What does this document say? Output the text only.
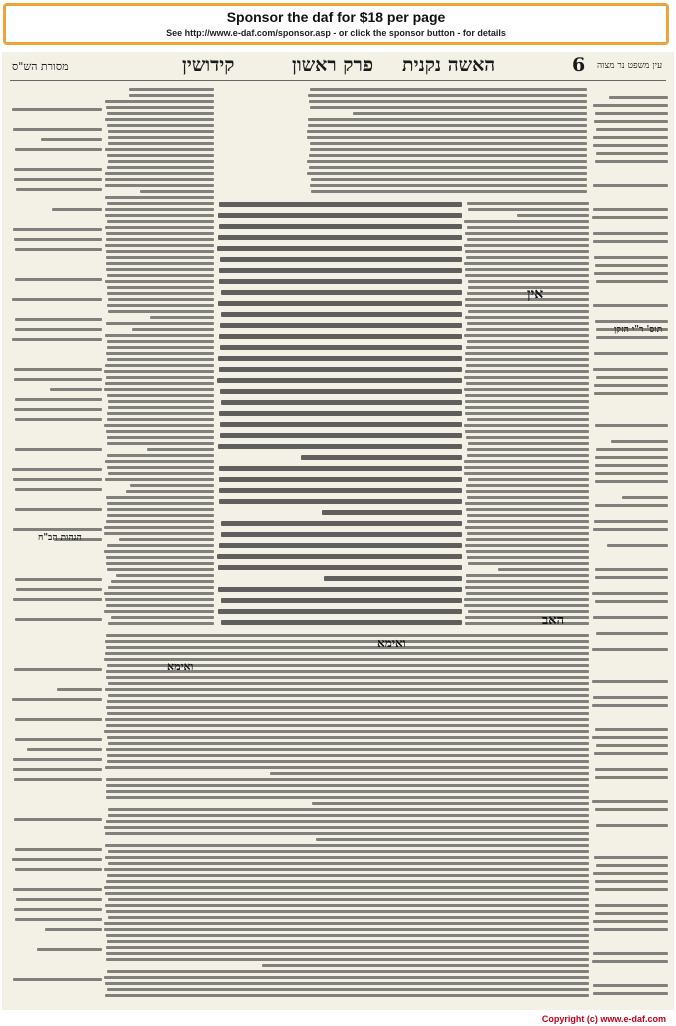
Sponsor the daf for $18 per page
See http://www.e-daf.com/sponsor.asp - or click the sponsor button - for details
מסורת הש"ס	קידושין	פרק ראשון האשה נקנית	6 עין משפט נר מצוה
תוס' ר"י הזקן
הגהות הב"ח
אין
ואימא
ואימא
האב
Copyright (c) www.e-daf.com
